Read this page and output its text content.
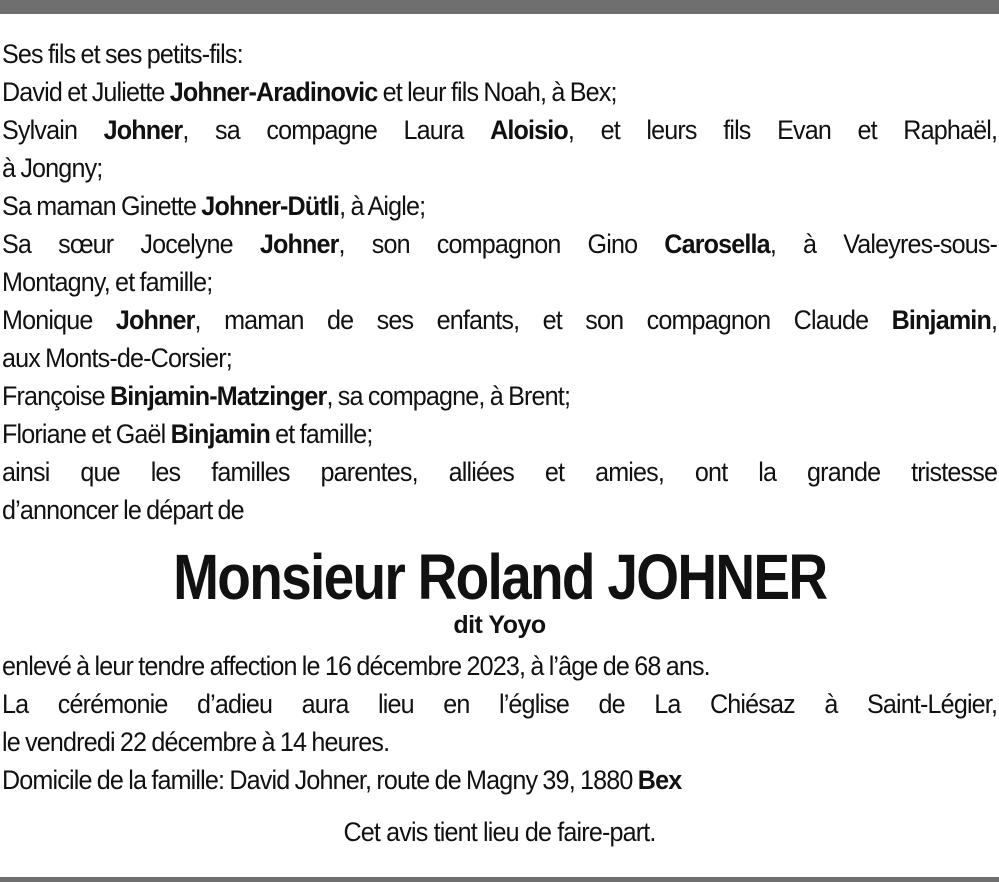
Ses fils et ses petits-fils:
David et Juliette Johner-Aradinovic et leur fils Noah, à Bex;
Sylvain Johner, sa compagne Laura Aloisio, et leurs fils Evan et Raphaël,
à Jongny;
Sa maman Ginette Johner-Dütli, à Aigle;
Sa sœur Jocelyne Johner, son compagnon Gino Carosella, à Valeyres-sous-
Montagny, et famille;
Monique Johner, maman de ses enfants, et son compagnon Claude Binjamin,
aux Monts-de-Corsier;
Françoise Binjamin-Matzinger, sa compagne, à Brent;
Floriane et Gaël Binjamin et famille;
ainsi que les familles parentes, alliées et amies, ont la grande tristesse
d’annoncer le départ de
Monsieur Roland JOHNER
dit Yoyo
enlevé à leur tendre affection le 16 décembre 2023, à l’âge de 68 ans.
La cérémonie d’adieu aura lieu en l’église de La Chiésaz à Saint-Légier,
le vendredi 22 décembre à 14 heures.
Domicile de la famille: David Johner, route de Magny 39, 1880 Bex
Cet avis tient lieu de faire-part.
